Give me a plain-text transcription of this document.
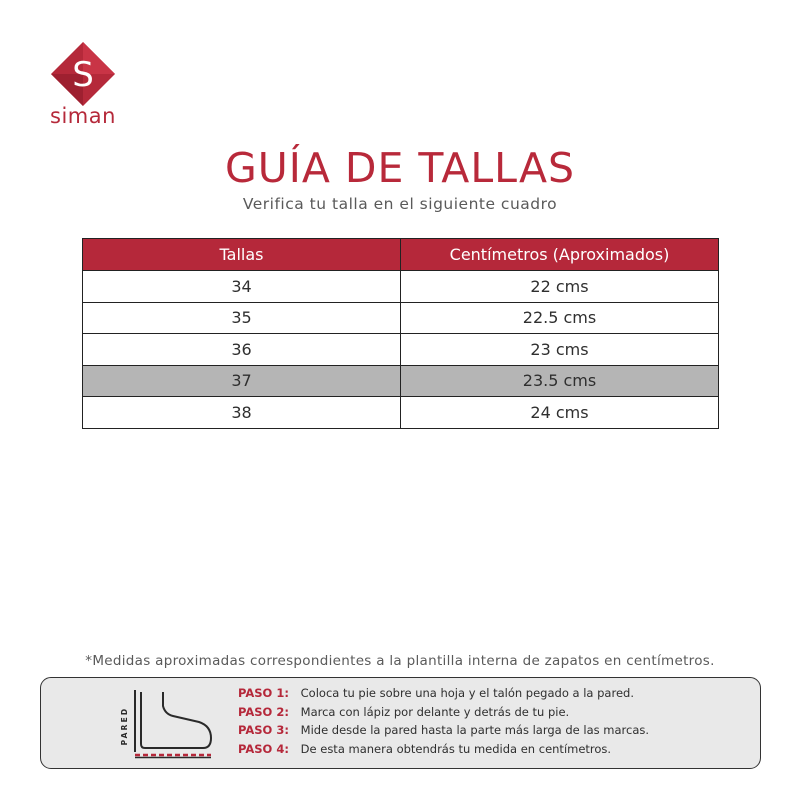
S
siman
GUÍA DE TALLAS
Verifica tu talla en el siguiente cuadro
Tallas	Centímetros (Aproximados)
34	22 cms
35	22.5 cms
36	23 cms
37	23.5 cms
38	24 cms
*Medidas aproximadas correspondientes a la plantilla interna de zapatos en centímetros.
PARED
PASO 1: Coloca tu pie sobre una hoja y el talón pegado a la pared.
PASO 2: Marca con lápiz por delante y detrás de tu pie.
PASO 3: Mide desde la pared hasta la parte más larga de las marcas.
PASO 4: De esta manera obtendrás tu medida en centímetros.
